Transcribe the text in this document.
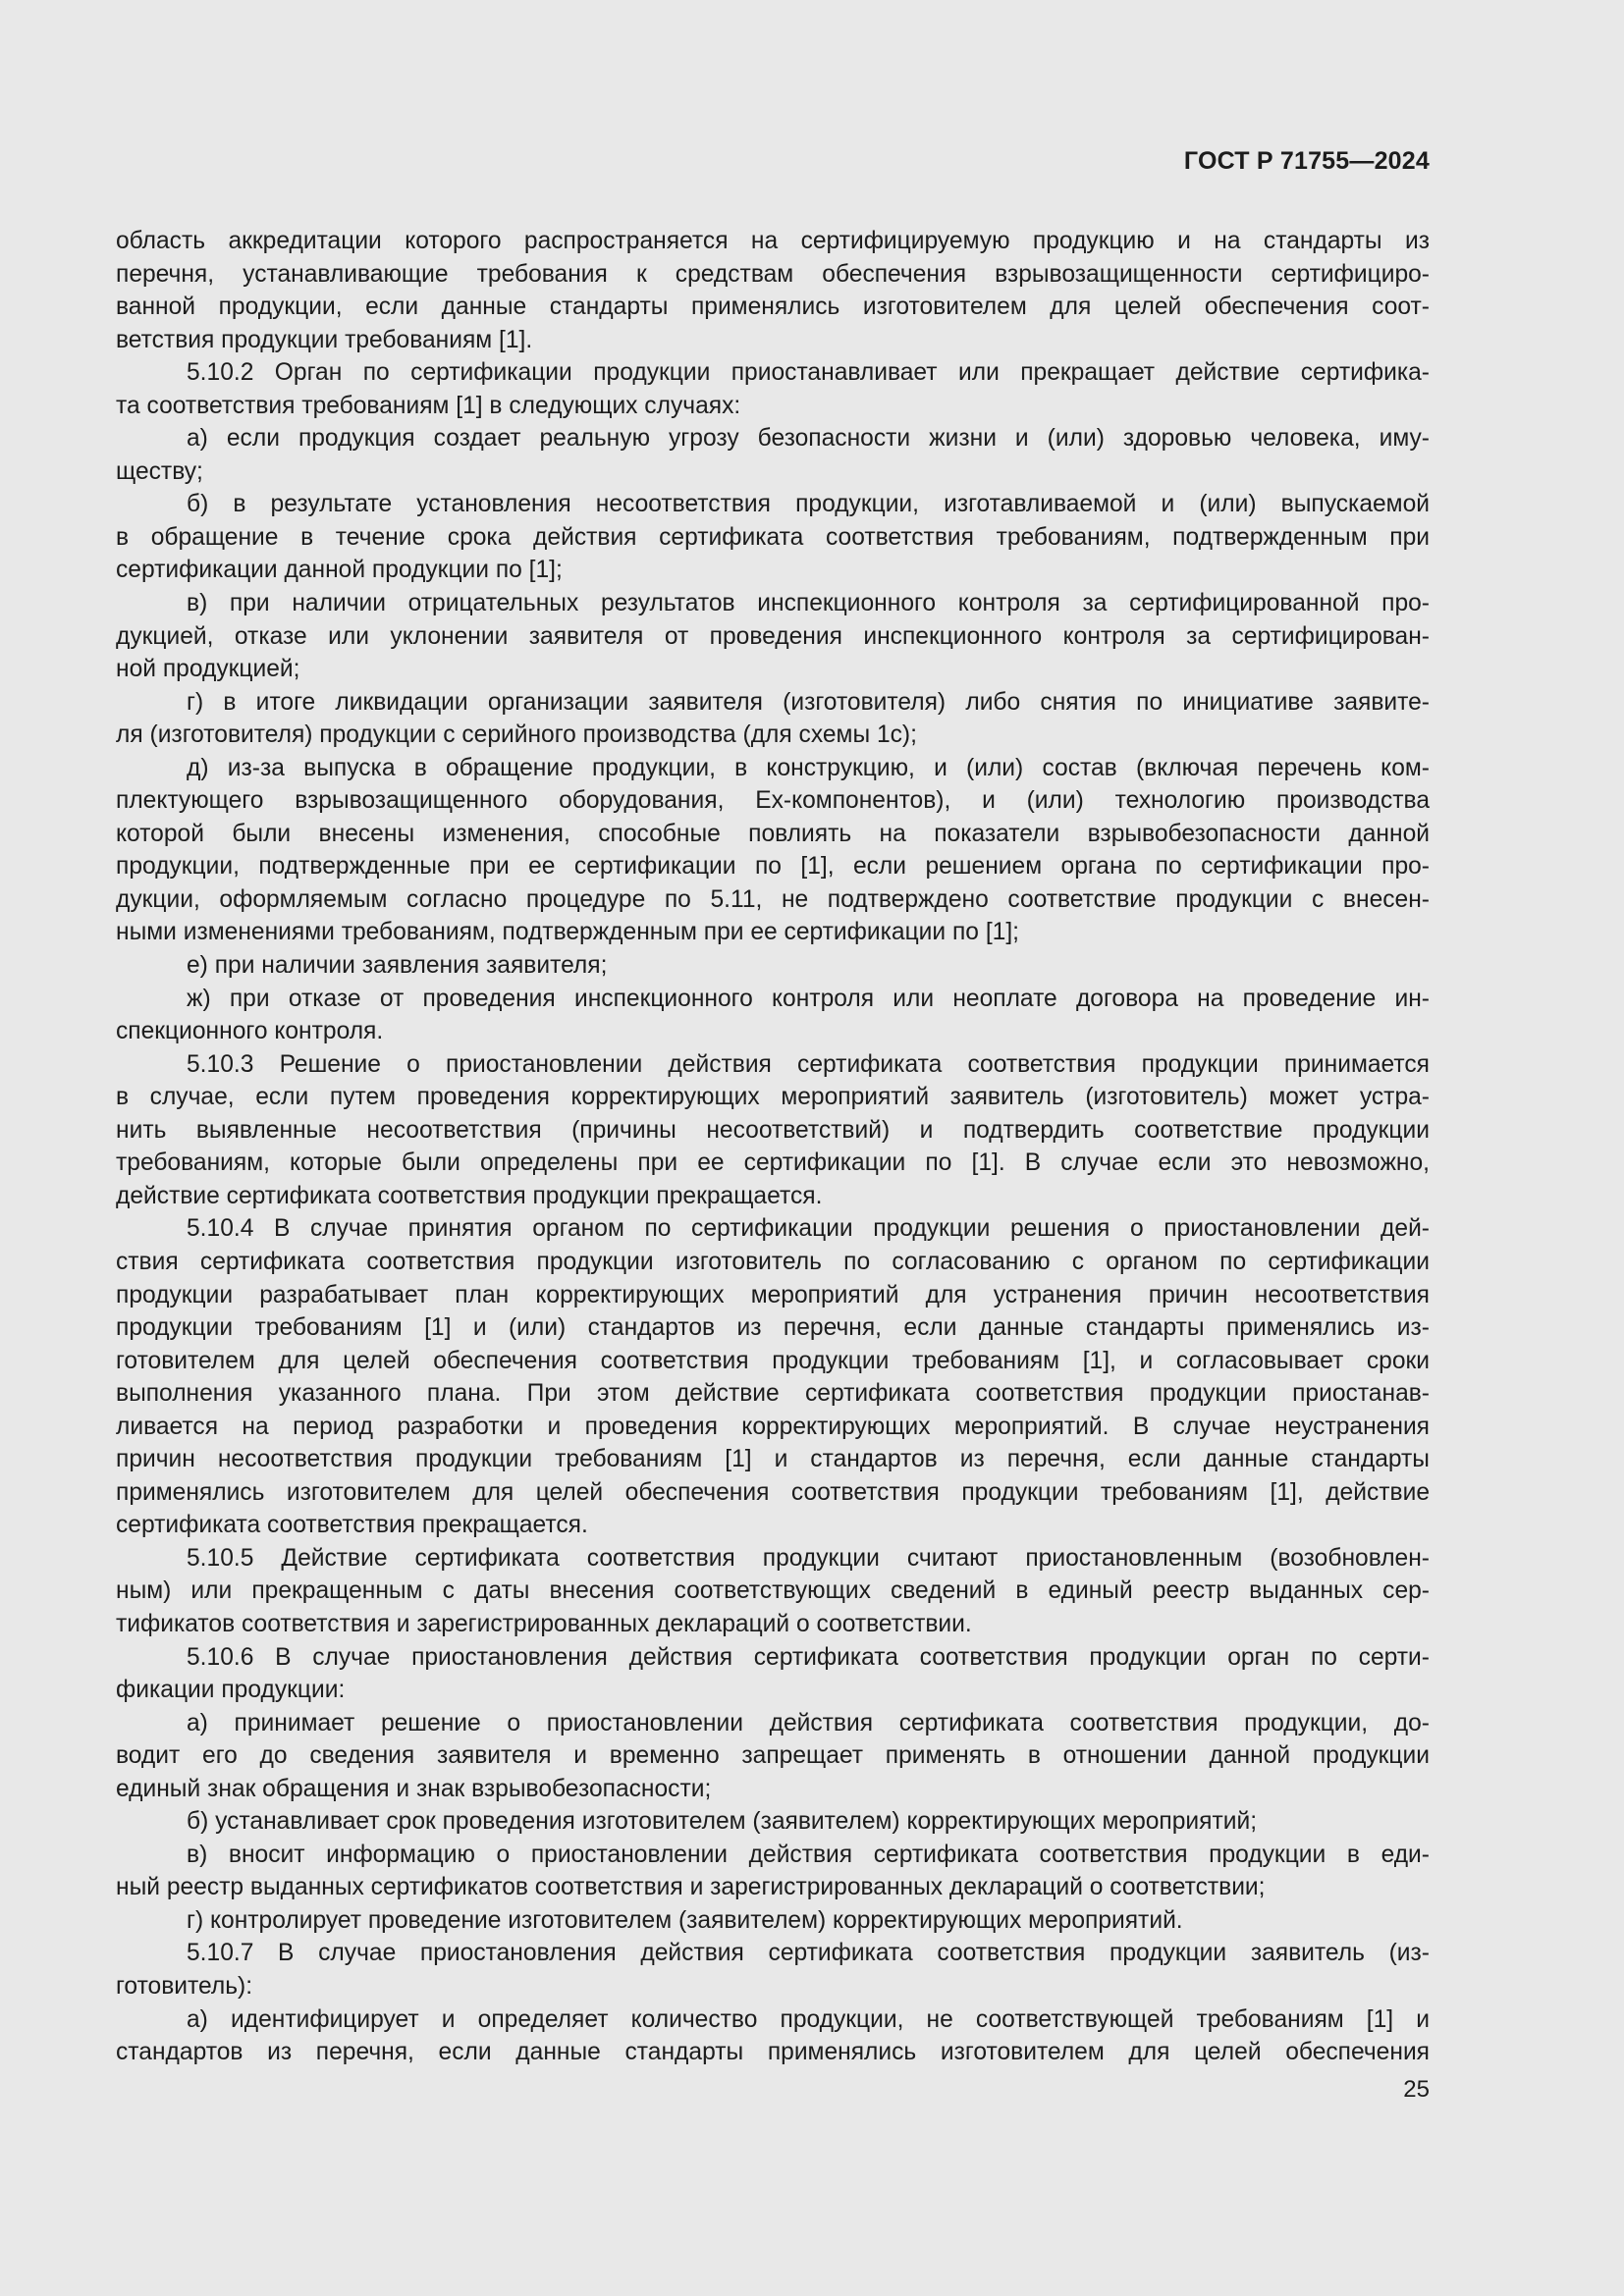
ГОСТ Р 71755—2024
область аккредитации которого распространяется на сертифицируемую продукцию и на стандарты из
перечня, устанавливающие требования к средствам обеспечения взрывозащищенности сертифициро-
ванной продукции, если данные стандарты применялись изготовителем для целей обеспечения соот-
ветствия продукции требованиям [1].
5.10.2 Орган по сертификации продукции приостанавливает или прекращает действие сертифика-
та соответствия требованиям [1] в следующих случаях:
а) если продукция создает реальную угрозу безопасности жизни и (или) здоровью человека, иму-
ществу;
б) в результате установления несоответствия продукции, изготавливаемой и (или) выпускаемой
в обращение в течение срока действия сертификата соответствия требованиям, подтвержденным при
сертификации данной продукции по [1];
в) при наличии отрицательных результатов инспекционного контроля за сертифицированной про-
дукцией, отказе или уклонении заявителя от проведения инспекционного контроля за сертифицирован-
ной продукцией;
г) в итоге ликвидации организации заявителя (изготовителя) либо снятия по инициативе заявите-
ля (изготовителя) продукции с серийного производства (для схемы 1с);
д) из-за выпуска в обращение продукции, в конструкцию, и (или) состав (включая перечень ком-
плектующего взрывозащищенного оборудования, Ex-компонентов), и (или) технологию производства
которой были внесены изменения, способные повлиять на показатели взрывобезопасности данной
продукции, подтвержденные при ее сертификации по [1], если решением органа по сертификации про-
дукции, оформляемым согласно процедуре по 5.11, не подтверждено соответствие продукции с внесен-
ными изменениями требованиям, подтвержденным при ее сертификации по [1];
е) при наличии заявления заявителя;
ж) при отказе от проведения инспекционного контроля или неоплате договора на проведение ин-
спекционного контроля.
5.10.3 Решение о приостановлении действия сертификата соответствия продукции принимается
в случае, если путем проведения корректирующих мероприятий заявитель (изготовитель) может устра-
нить выявленные несоответствия (причины несоответствий) и подтвердить соответствие продукции
требованиям, которые были определены при ее сертификации по [1]. В случае если это невозможно,
действие сертификата соответствия продукции прекращается.
5.10.4 В случае принятия органом по сертификации продукции решения о приостановлении дей-
ствия сертификата соответствия продукции изготовитель по согласованию с органом по сертификации
продукции разрабатывает план корректирующих мероприятий для устранения причин несоответствия
продукции требованиям [1] и (или) стандартов из перечня, если данные стандарты применялись из-
готовителем для целей обеспечения соответствия продукции требованиям [1], и согласовывает сроки
выполнения указанного плана. При этом действие сертификата соответствия продукции приостанав-
ливается на период разработки и проведения корректирующих мероприятий. В случае неустранения
причин несоответствия продукции требованиям [1] и стандартов из перечня, если данные стандарты
применялись изготовителем для целей обеспечения соответствия продукции требованиям [1], действие
сертификата соответствия прекращается.
5.10.5 Действие сертификата соответствия продукции считают приостановленным (возобновлен-
ным) или прекращенным с даты внесения соответствующих сведений в единый реестр выданных сер-
тификатов соответствия и зарегистрированных деклараций о соответствии.
5.10.6 В случае приостановления действия сертификата соответствия продукции орган по серти-
фикации продукции:
а) принимает решение о приостановлении действия сертификата соответствия продукции, до-
водит его до сведения заявителя и временно запрещает применять в отношении данной продукции
единый знак обращения и знак взрывобезопасности;
б) устанавливает срок проведения изготовителем (заявителем) корректирующих мероприятий;
в) вносит информацию о приостановлении действия сертификата соответствия продукции в еди-
ный реестр выданных сертификатов соответствия и зарегистрированных деклараций о соответствии;
г) контролирует проведение изготовителем (заявителем) корректирующих мероприятий.
5.10.7 В случае приостановления действия сертификата соответствия продукции заявитель (из-
готовитель):
а) идентифицирует и определяет количество продукции, не соответствующей требованиям [1] и
стандартов из перечня, если данные стандарты применялись изготовителем для целей обеспечения
25
